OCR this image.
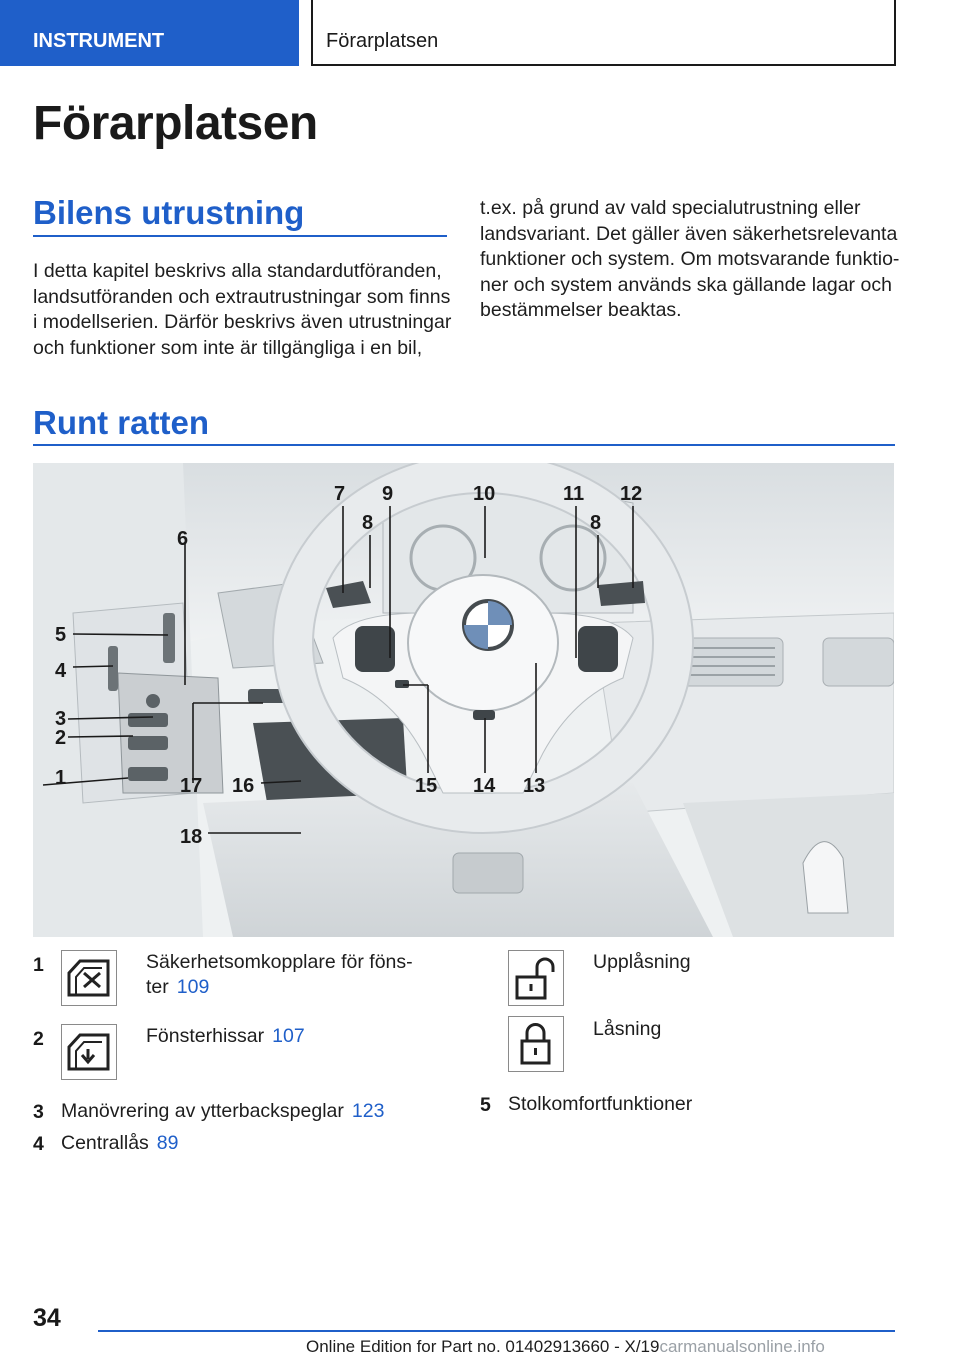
INSTRUMENT	Förarplatsen
Förarplatsen
Bilens utrustning
I detta kapitel beskrivs alla standardutföranden,
landsutföranden och extrautrustningar som finns
i modellserien. Därför beskrivs även utrustningar
och funktioner som inte är tillgängliga i en bil,
t.ex. på grund av vald specialutrustning eller
landsvariant. Det gäller även säkerhetsrelevanta
funktioner och system. Om motsvarande funktio-
ner och system används ska gällande lagar och
bestämmelser beaktas.
Runt ratten
1
2
3
4
5
6
7
8
9	10	11 12
8
13
14
15
16
17
18
1	Säkerhetsomkopplare för föns-
ter 109
2	Fönsterhissar 107
3 Manövrering av ytterbackspeglar 123
4 Centrallås 89
Upplåsning
Låsning
5 Stolkomfortfunktioner
34
Online Edition for Part no. 01402913660 - X/19carmanualsonline.info
